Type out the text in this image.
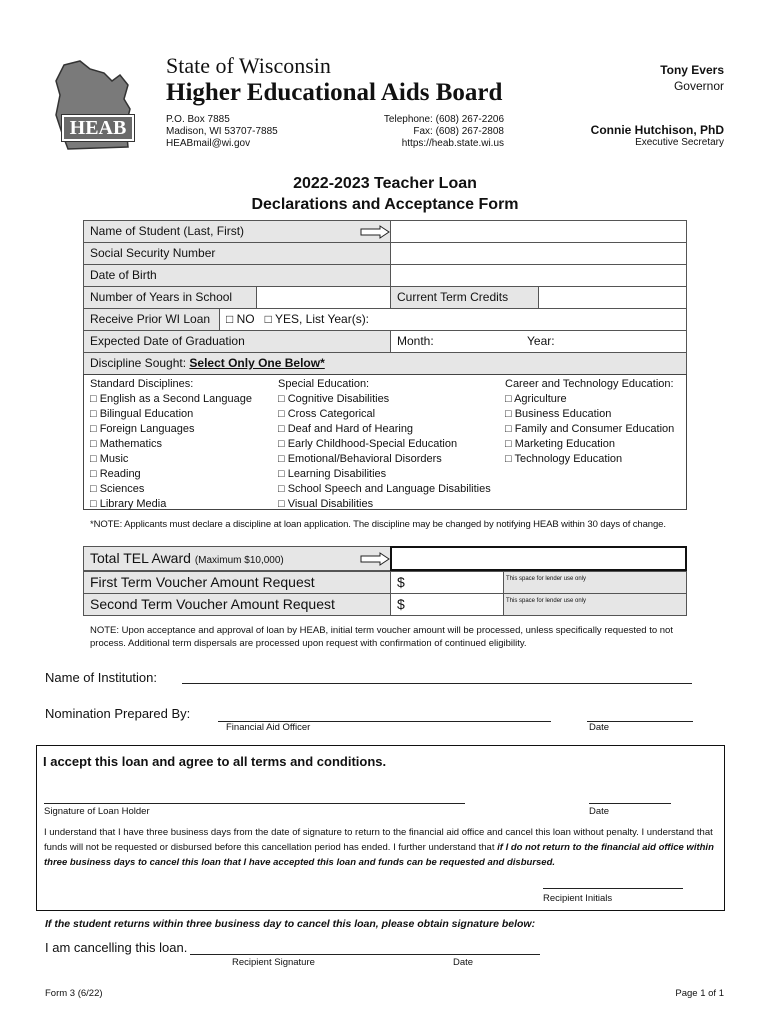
HEAB
State of Wisconsin
Higher Educational Aids Board
P.O. Box 7885
Madison, WI 53707-7885
HEABmail@wi.gov
Telephone: (608) 267-2206
Fax: (608) 267-2808
https://heab.state.wi.us
Tony Evers
Governor
Connie Hutchison, PhD
Executive Secretary
2022-2023 Teacher Loan
Declarations and Acceptance Form
Name of Student (Last, First)
Social Security Number
Date of Birth
Number of Years in School	Current Term Credits
Receive Prior WI Loan	□ NO □ YES, List Year(s):
Expected Date of Graduation	Month:	Year:
Discipline Sought: Select Only One Below*
Standard Disciplines:
□ English as a Second Language
□ Bilingual Education
□ Foreign Languages
□ Mathematics
□ Music
□ Reading
□ Sciences
□ Library Media
Special Education:
□ Cognitive Disabilities
□ Cross Categorical
□ Deaf and Hard of Hearing
□ Early Childhood-Special Education
□ Emotional/Behavioral Disorders
□ Learning Disabilities
□ School Speech and Language Disabilities
□ Visual Disabilities
Career and Technology Education:
□ Agriculture
□ Business Education
□ Family and Consumer Education
□ Marketing Education
□ Technology Education
*NOTE: Applicants must declare a discipline at loan application. The discipline may be changed by notifying HEAB within 30 days of change.
Total TEL Award (Maximum $10,000)
First Term Voucher Amount Request	$	This space for lender use only
Second Term Voucher Amount Request	$	This space for lender use only
NOTE: Upon acceptance and approval of loan by HEAB, initial term voucher amount will be processed, unless specifically requested to not process. Additional term dispersals are processed upon request with confirmation of continued eligibility.
Name of Institution:
Nomination Prepared By:
Financial Aid Officer	Date
I accept this loan and agree to all terms and conditions.
Signature of Loan Holder	Date
I understand that I have three business days from the date of signature to return to the financial aid office and cancel this loan without penalty. I understand that funds will not be requested or disbursed before this cancellation period has ended. I further understand that if I do not return to the financial aid office within three business days to cancel this loan that I have accepted this loan and funds can be requested and disbursed.
Recipient Initials
If the student returns within three business day to cancel this loan, please obtain signature below:
I am cancelling this loan.
Recipient Signature	Date
Form 3 (6/22)	Page 1 of 1
